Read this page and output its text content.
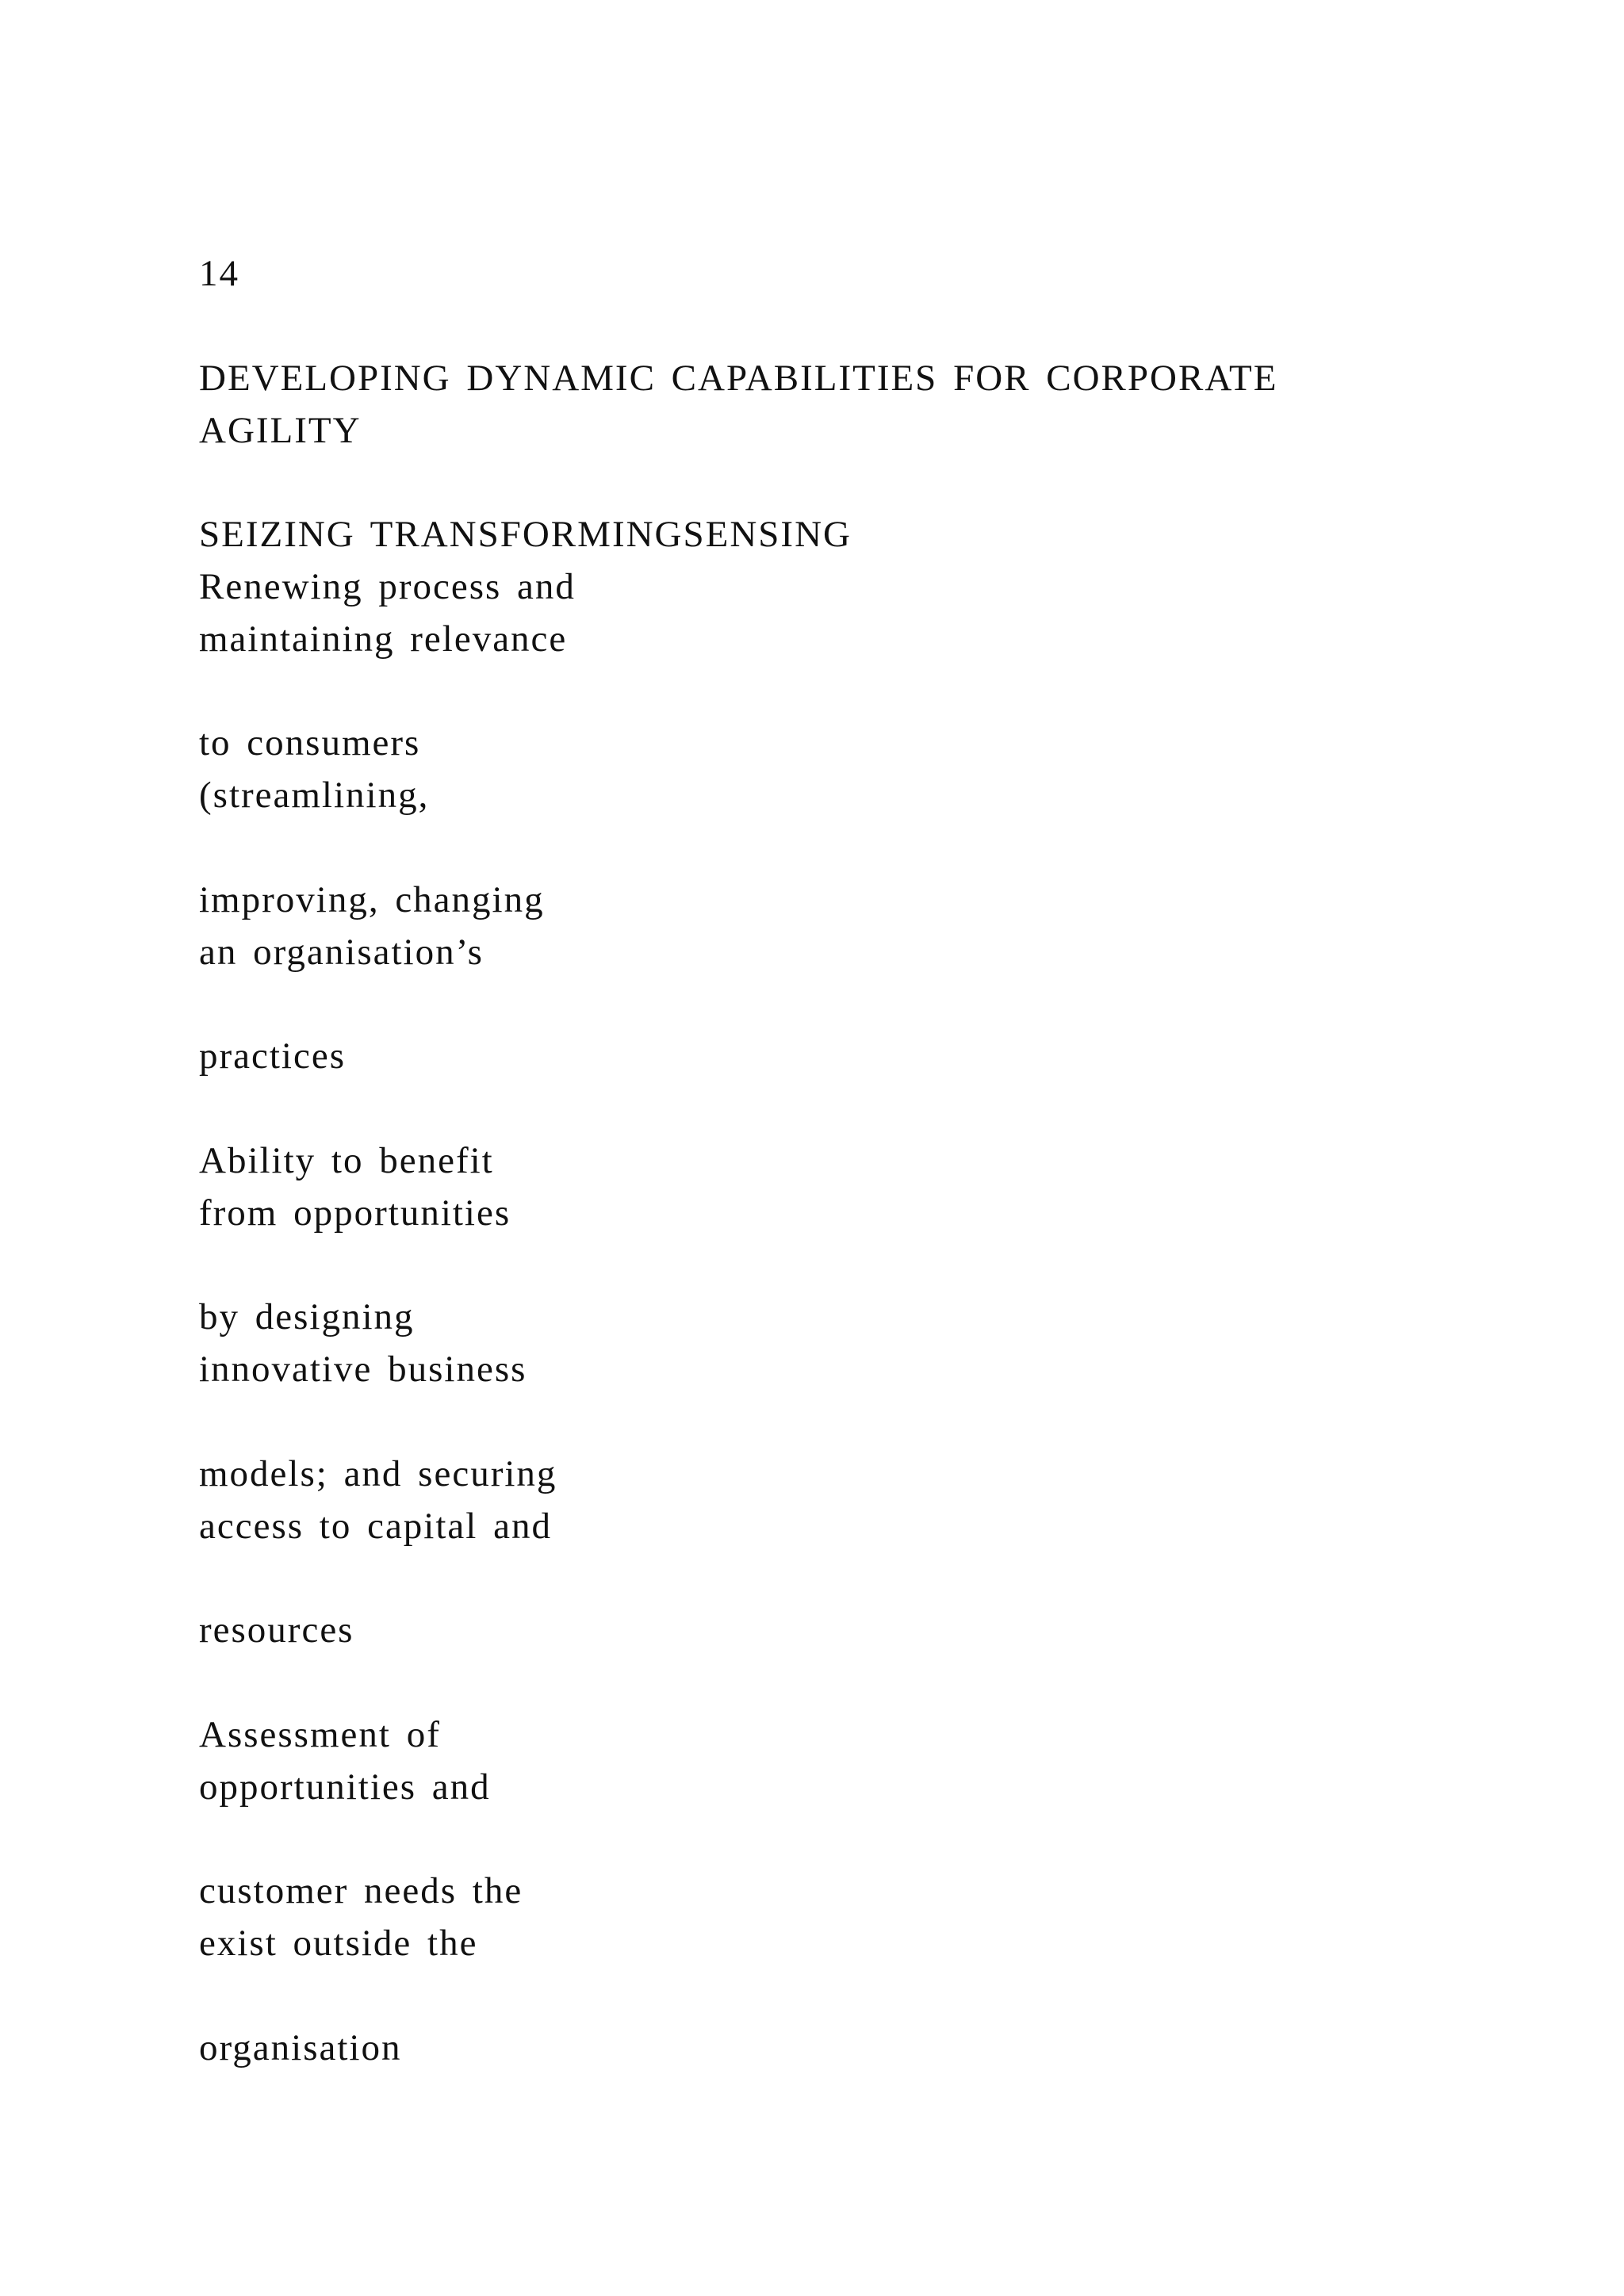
14
DEVELOPING DYNAMIC CAPABILITIES FOR CORPORATE
AGILITY
SEIZING TRANSFORMINGSENSING
Renewing process and
maintaining relevance
to consumers
(streamlining,
improving, changing
an organisation’s
practices
Ability to benefit
from opportunities
by designing
innovative business
models; and securing
access to capital and
resources
Assessment of
opportunities and
customer needs the
exist outside the
organisation
